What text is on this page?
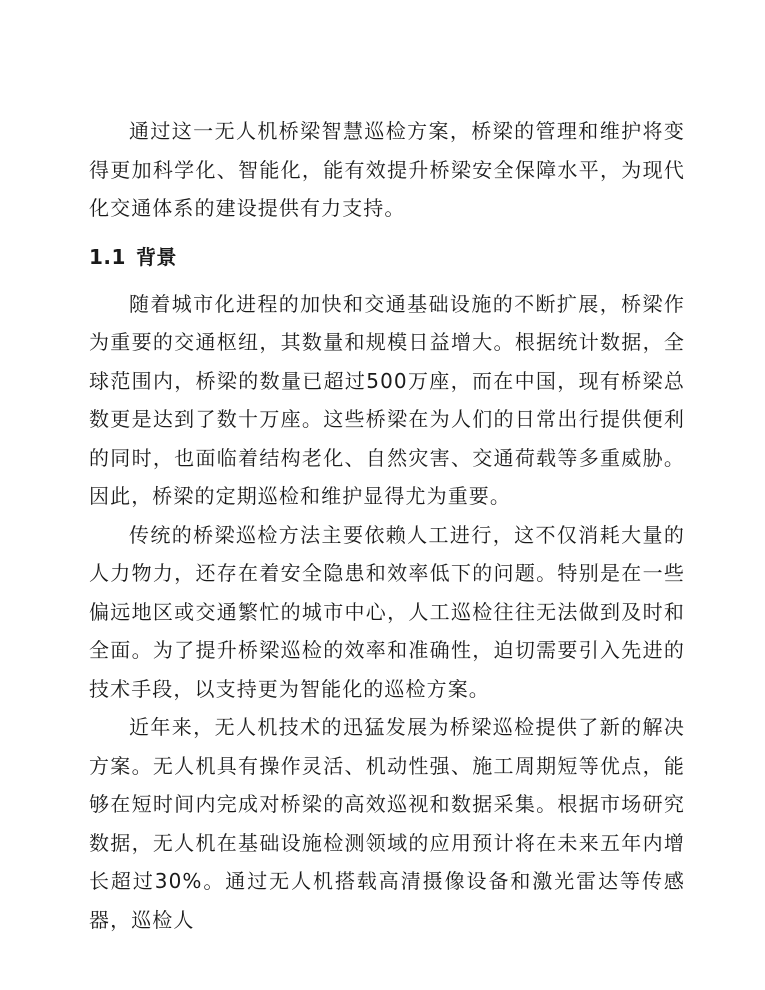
通过这一无人机桥梁智慧巡检方案，桥梁的管理和维护将变得更加科学化、智能化，能有效提升桥梁安全保障水平，为现代化交通体系的建设提供有力支持。

1.1 背景

随着城市化进程的加快和交通基础设施的不断扩展，桥梁作为重要的交通枢纽，其数量和规模日益增大。根据统计数据，全球范围内，桥梁的数量已超过500万座，而在中国，现有桥梁总数更是达到了数十万座。这些桥梁在为人们的日常出行提供便利的同时，也面临着结构老化、自然灾害、交通荷载等多重威胁。因此，桥梁的定期巡检和维护显得尤为重要。

传统的桥梁巡检方法主要依赖人工进行，这不仅消耗大量的人力物力，还存在着安全隐患和效率低下的问题。特别是在一些偏远地区或交通繁忙的城市中心，人工巡检往往无法做到及时和全面。为了提升桥梁巡检的效率和准确性，迫切需要引入先进的技术手段，以支持更为智能化的巡检方案。

近年来，无人机技术的迅猛发展为桥梁巡检提供了新的解决方案。无人机具有操作灵活、机动性强、施工周期短等优点，能够在短时间内完成对桥梁的高效巡视和数据采集。根据市场研究数据，无人机在基础设施检测领域的应用预计将在未来五年内增长超过30%。通过无人机搭载高清摄像设备和激光雷达等传感器，巡检人
